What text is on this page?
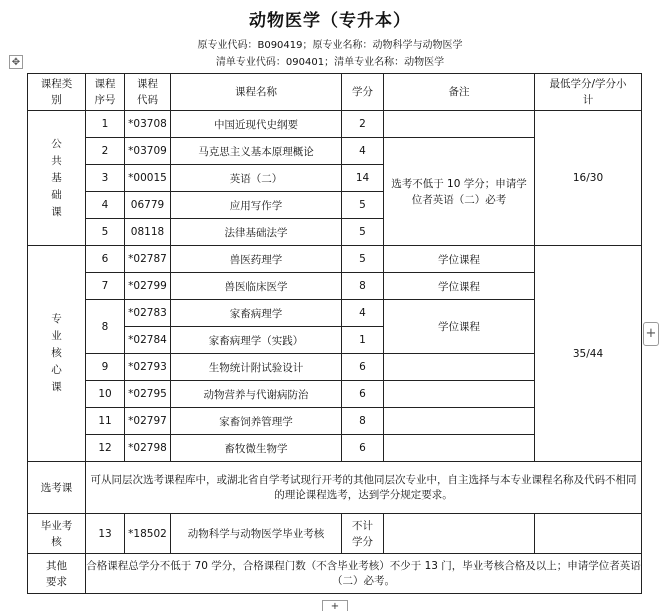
动物医学（专升本）
原专业代码：B090419；原专业名称：动物科学与动物医学
清单专业代码：090401；清单专业名称：动物医学
✥
课程类别	课程序号	课程代码	课程名称	学分	备注	最低学分/学分小计

公共基础课	1	*03708	中国近现代史纲要	2		16/30
	2	*03709	马克思主义基本原理概论	4	选考不低于 10 学分；申请学位者英语（二）必考	
	3	*00015	英语（二）	14		
	4	06779	应用写作学	5		
	5	08118	法律基础法学	5		

专业核心课	6	*02787	兽医药理学	5	学位课程	35/44
	7	*02799	兽医临床医学	8	学位课程	
	8	*02783	家畜病理学	4	学位课程	
		*02784	家畜病理学（实践）	1		
	9	*02793	生物统计附试验设计	6		
	10	*02795	动物营养与代谢病防治	6		
	11	*02797	家畜饲养管理学	8		
	12	*02798	畜牧微生物学	6		
选考课	可从同层次选考课程库中，或湖北省自学考试现行开考的其他同层次专业中，自主选择与本专业课程名称及代码不相同的理论课程选考，达到学分规定要求。					
毕业考核	13	*18502	动物科学与动物医学毕业考核	不计学分		
其他要求	合格课程总学分不低于 70 学分，合格课程门数（不含毕业考核）不少于 13 门，毕业考核合格及以上；申请学位者英语（二）必考。					
+
+
